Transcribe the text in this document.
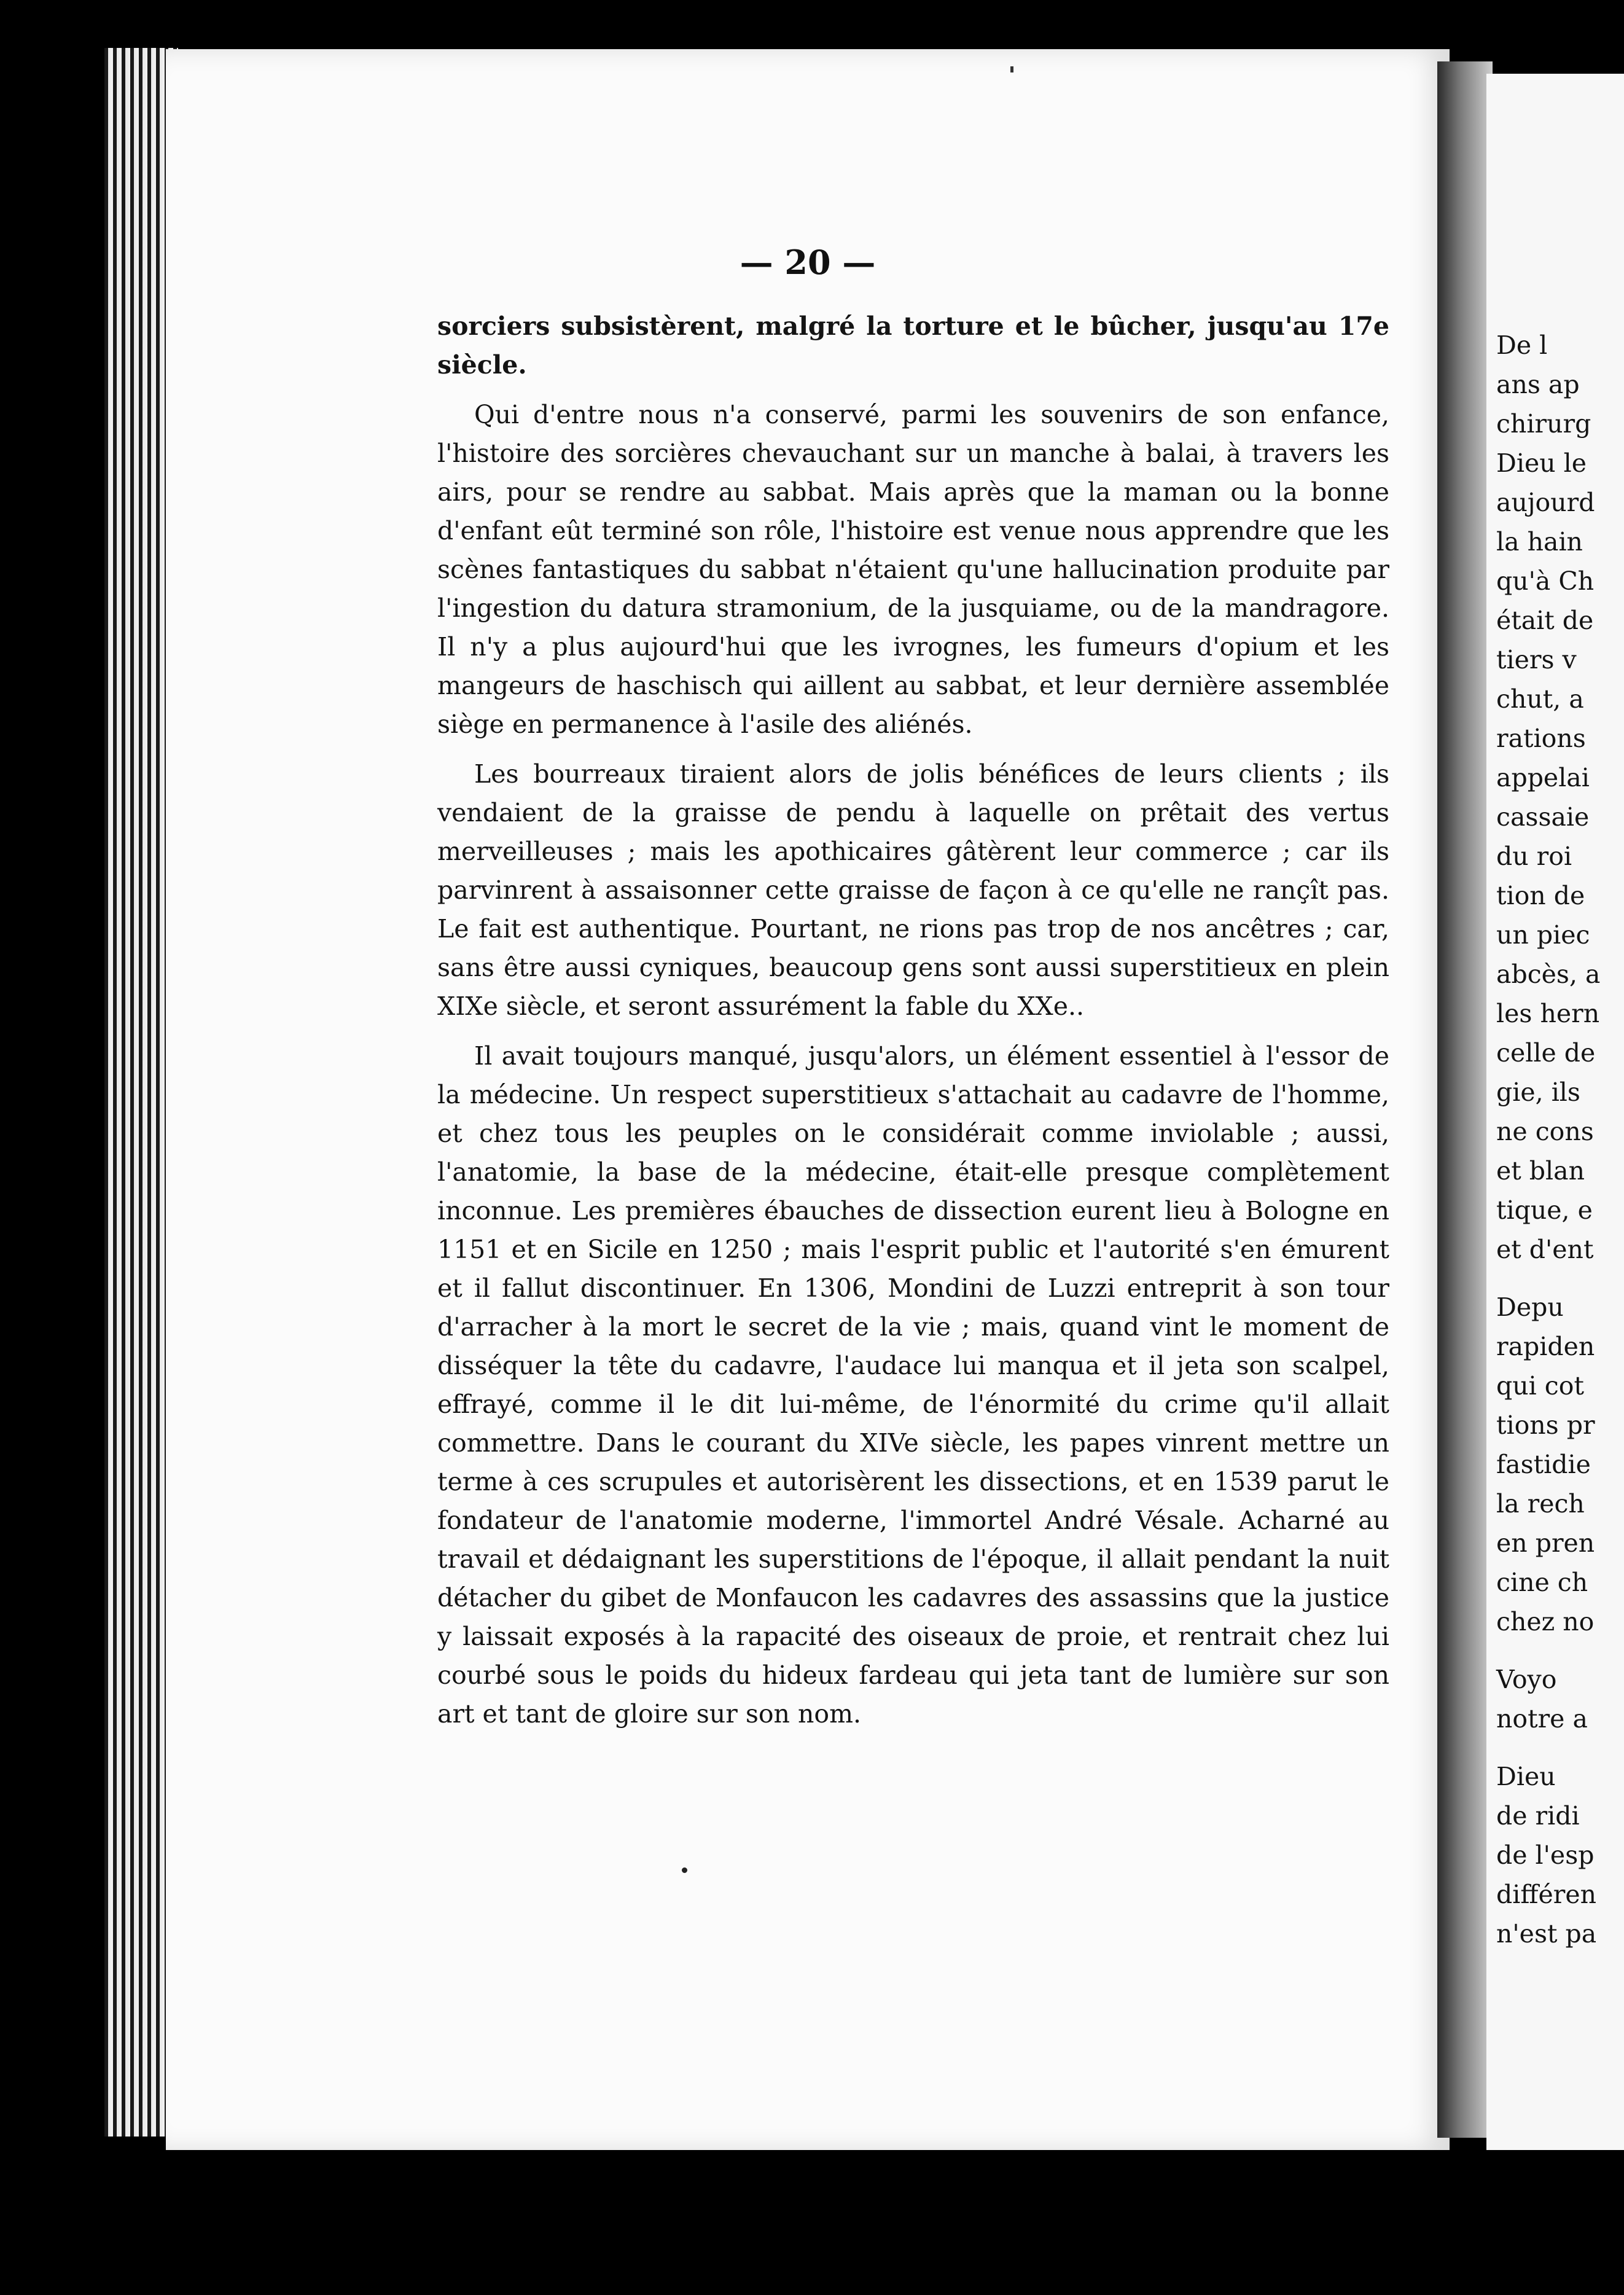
— 20 —

sorciers subsistèrent, malgré la torture et le bûcher, jusqu'au 17e siècle.

Qui d'entre nous n'a conservé, parmi les souvenirs de son enfance, l'histoire des sorcières chevauchant sur un manche à balai, à travers les airs, pour se rendre au sabbat. Mais après que la maman ou la bonne d'enfant eût terminé son rôle, l'histoire est venue nous apprendre que les scènes fantastiques du sabbat n'étaient qu'une hallucination produite par l'ingestion du datura stramonium, de la jusquiame, ou de la mandragore. Il n'y a plus aujourd'hui que les ivrognes, les fumeurs d'opium et les mangeurs de haschisch qui aillent au sabbat, et leur dernière assemblée siège en permanence à l'asile des aliénés.

Les bourreaux tiraient alors de jolis bénéfices de leurs clients ; ils vendaient de la graisse de pendu à laquelle on prêtait des vertus merveilleuses ; mais les apothicaires gâtèrent leur commerce ; car ils parvinrent à assaisonner cette graisse de façon à ce qu'elle ne rançît pas. Le fait est authentique. Pourtant, ne rions pas trop de nos ancêtres ; car, sans être aussi cyniques, beaucoup gens sont aussi superstitieux en plein XIXe siècle, et seront assurément la fable du XXe..

Il avait toujours manqué, jusqu'alors, un élément essentiel à l'essor de la médecine. Un respect superstitieux s'attachait au cadavre de l'homme, et chez tous les peuples on le considérait comme inviolable ; aussi, l'anatomie, la base de la médecine, était-elle presque complètement inconnue. Les premières ébauches de dissection eurent lieu à Bologne en 1151 et en Sicile en 1250 ; mais l'esprit public et l'autorité s'en émurent et il fallut discontinuer. En 1306, Mondini de Luzzi entreprit à son tour d'arracher à la mort le secret de la vie ; mais, quand vint le moment de disséquer la tête du cadavre, l'audace lui manqua et il jeta son scalpel, effrayé, comme il le dit lui-même, de l'énormité du crime qu'il allait commettre. Dans le courant du XIVe siècle, les papes vinrent mettre un terme à ces scrupules et autorisèrent les dissections, et en 1539 parut le fondateur de l'anatomie moderne, l'immortel André Vésale. Acharné au travail et dédaignant les superstitions de l'époque, il allait pendant la nuit détacher du gibet de Monfaucon les cadavres des assassins que la justice y laissait exposés à la rapacité des oiseaux de proie, et rentrait chez lui courbé sous le poids du hideux fardeau qui jeta tant de lumière sur son art et tant de gloire sur son nom.

De l
ans ap
chirurg
Dieu le
aujourd
la hain
qu'à Ch
était de
tiers v
chut, a
rations
appelai
cassaie
du roi
tion de
un piec
abcès, a
les hern
celle de
gie, ils
ne cons
et blan
tique, e
et d'ent
Depu
rapiden
qui cot
tions pr
fastidie
la rech
en pren
cine ch
chez no
Voyo
notre a
Dieu
de ridi
de l'esp
différen
n'est pa
